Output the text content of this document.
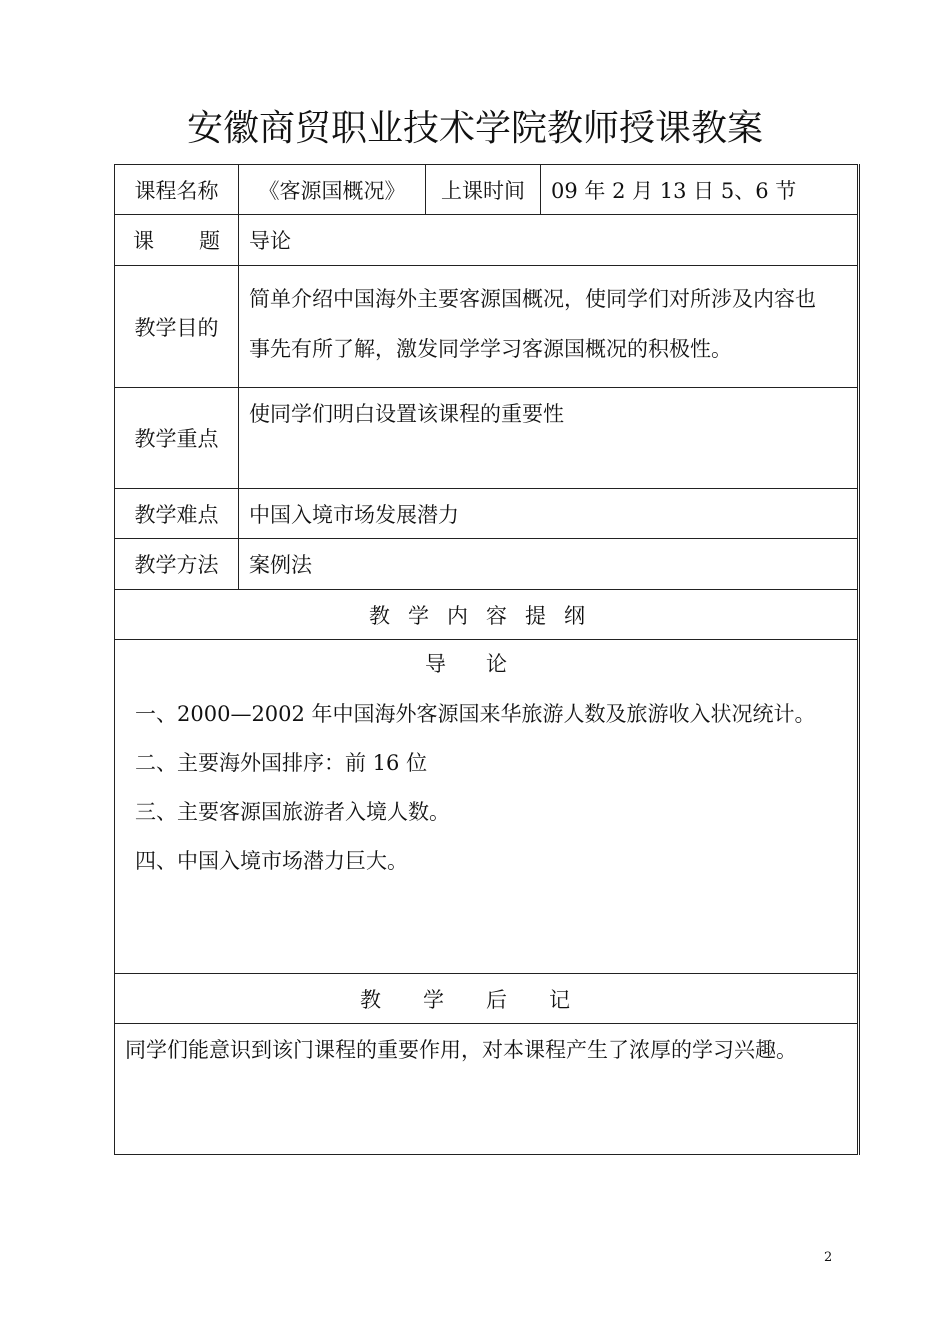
安徽商贸职业技术学院教师授课教案
课程名称	《客源国概况》	上课时间	09 年 2 月 13 日 5、6 节

课 题	导论		
教学目的	简单介绍中国海外主要客源国概况，使同学们对所涉及内容也
事先有所了解，激发同学学习客源国概况的积极性。		

教学重点	使同学们明白设置该课程的重要性		
教学难点	中国入境市场发展潜力		
教学方法	案例法		
教学内容提纲			

导论
一、2000—2002 年中国海外客源国来华旅游人数及旅游收入状况统计。
二、主要海外国排序：前 16 位
三、主要客源国旅游者入境人数。
四、中国入境市场潜力巨大。			

教学后记			
同学们能意识到该门课程的重要作用，对本课程产生了浓厚的学习兴趣。			
2
